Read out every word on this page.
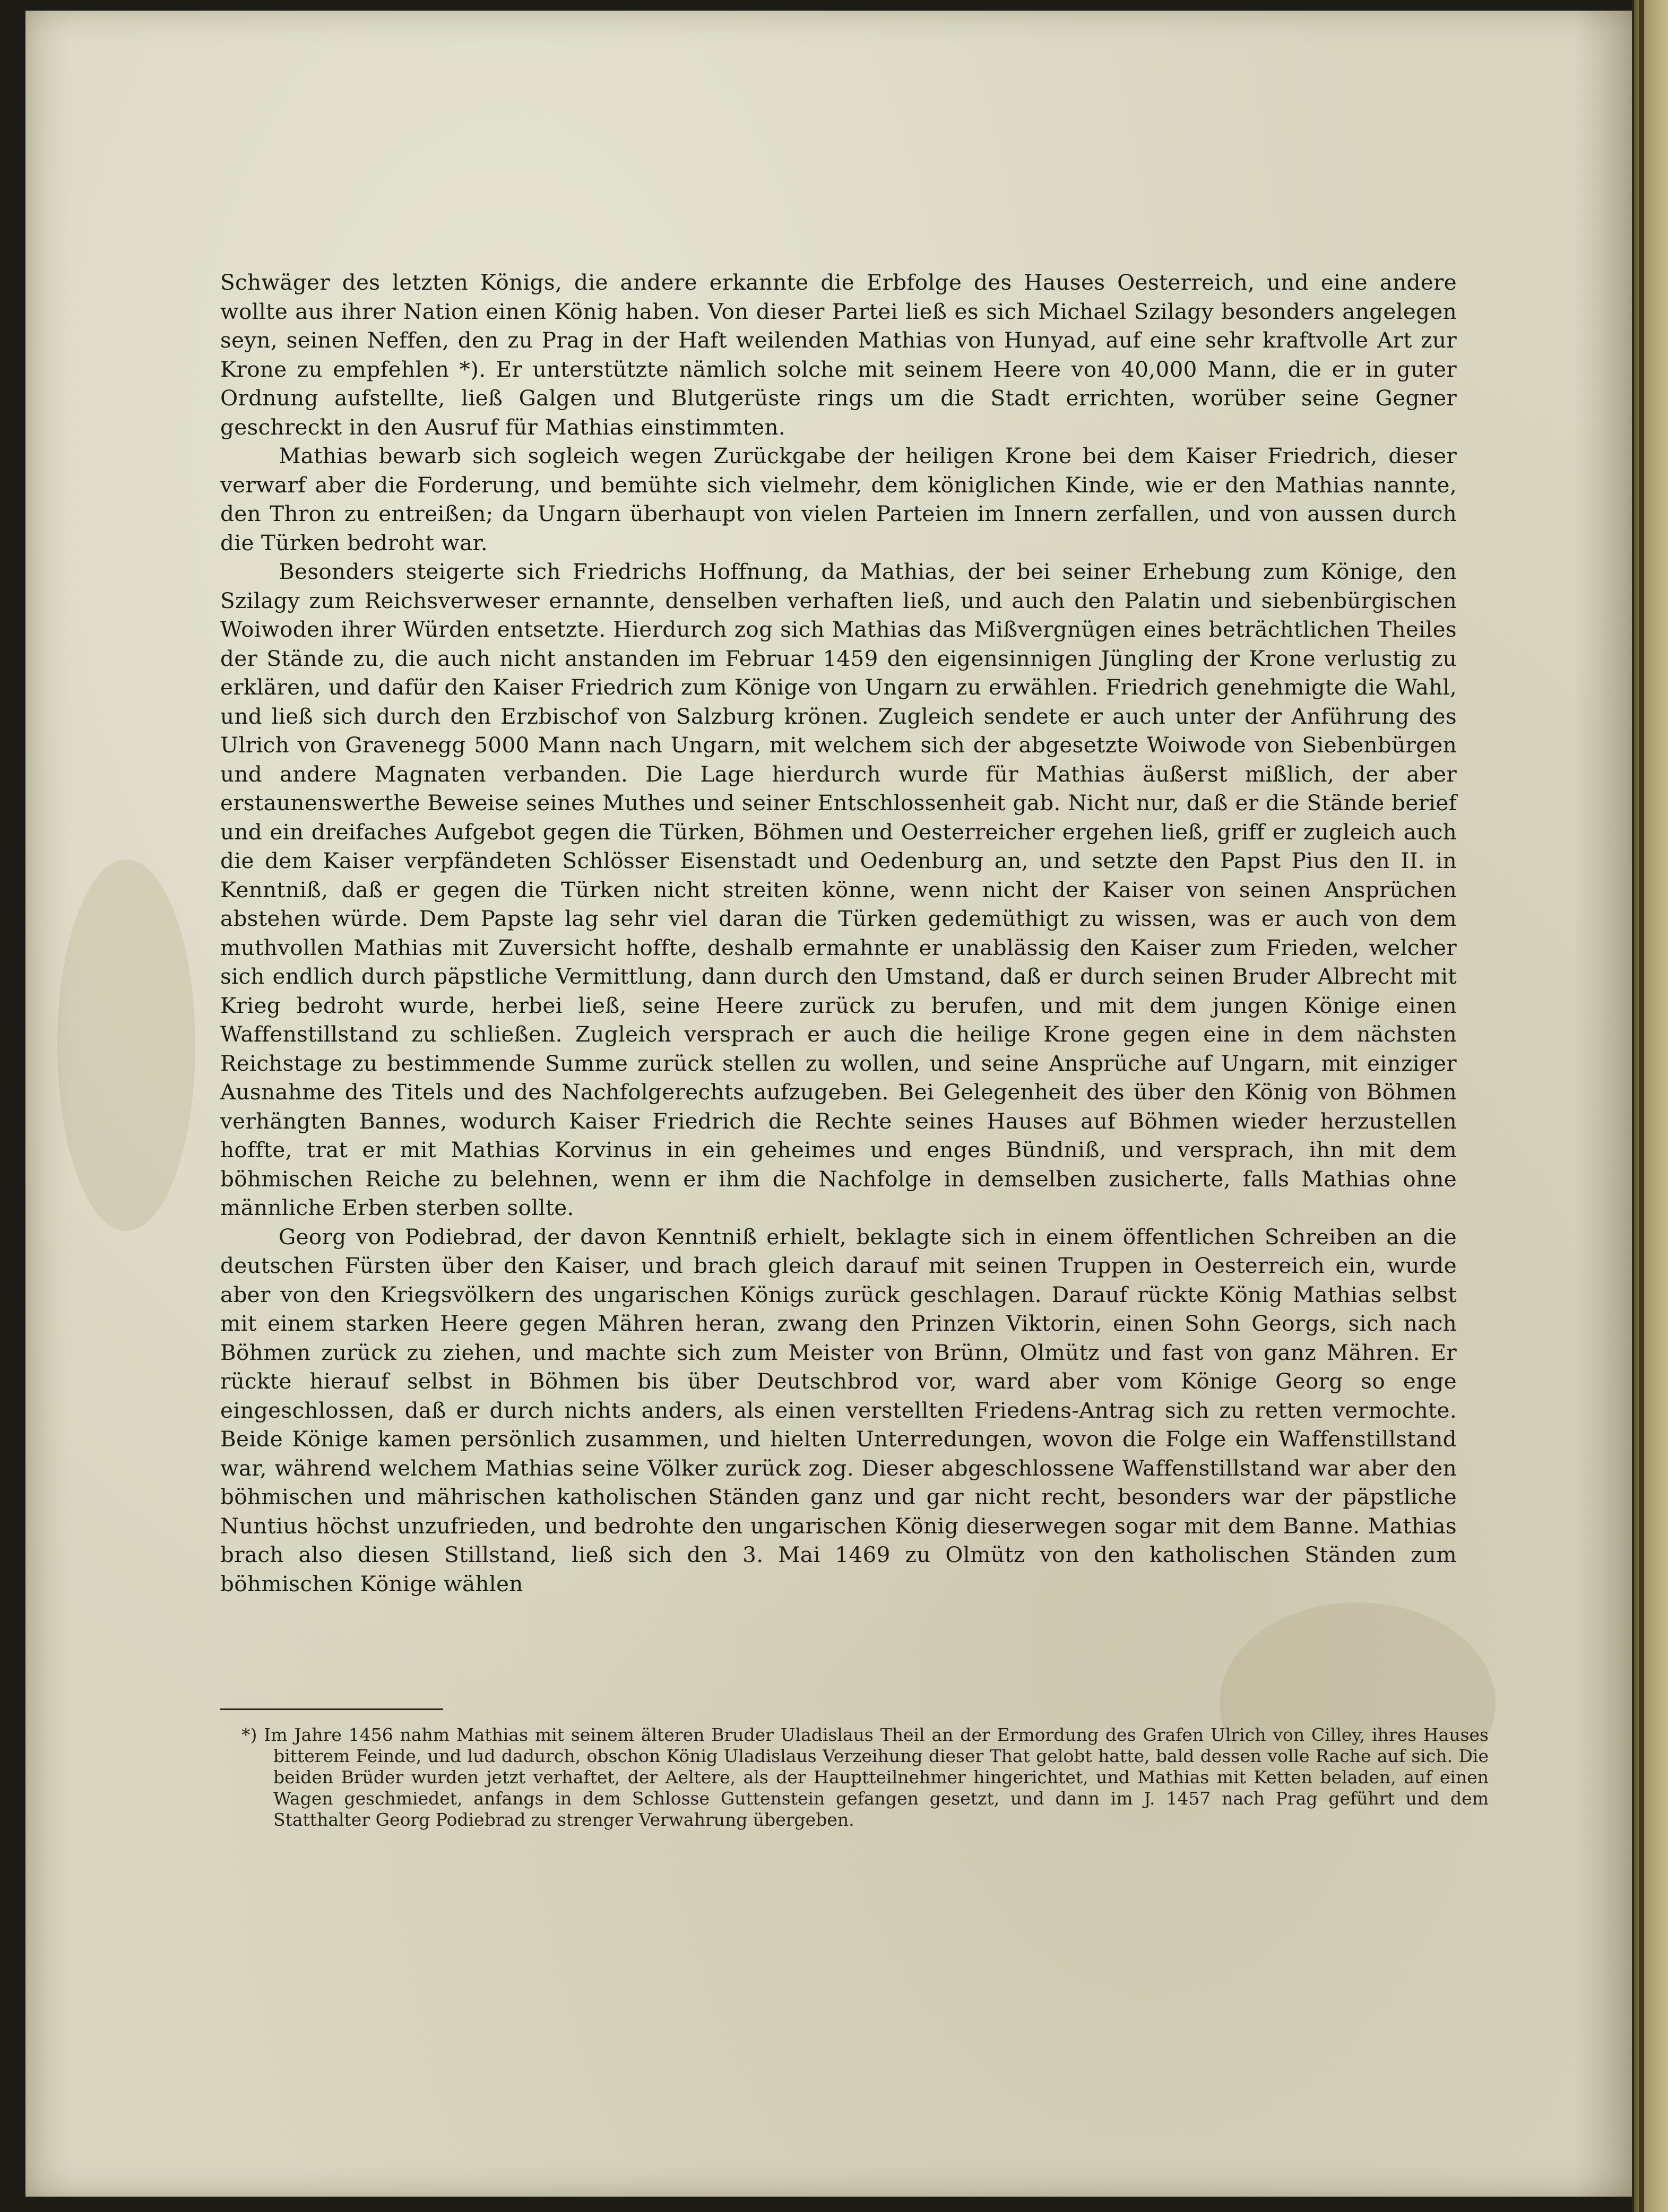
Schwäger des letzten Königs, die andere erkannte die Erbfolge des Hauses Oesterreich, und eine andere wollte aus ihrer Nation einen König haben. Von dieser Partei ließ es sich Michael Szilagy besonders angelegen seyn, seinen Neffen, den zu Prag in der Haft weilenden Mathias von Hunyad, auf eine sehr kraftvolle Art zur Krone zu empfehlen *). Er unterstützte nämlich solche mit seinem Heere von 40,000 Mann, die er in guter Ordnung aufstellte, ließ Galgen und Blutgerüste rings um die Stadt errichten, worüber seine Gegner geschreckt in den Ausruf für Mathias einstimmten.

Mathias bewarb sich sogleich wegen Zurückgabe der heiligen Krone bei dem Kaiser Friedrich, dieser verwarf aber die Forderung, und bemühte sich vielmehr, dem königlichen Kinde, wie er den Mathias nannte, den Thron zu entreißen; da Ungarn überhaupt von vielen Parteien im Innern zerfallen, und von aussen durch die Türken bedroht war.

Besonders steigerte sich Friedrichs Hoffnung, da Mathias, der bei seiner Erhebung zum Könige, den Szilagy zum Reichsverweser ernannte, denselben verhaften ließ, und auch den Palatin und siebenbürgischen Woiwoden ihrer Würden entsetzte. Hierdurch zog sich Mathias das Mißvergnügen eines beträchtlichen Theiles der Stände zu, die auch nicht anstanden im Februar 1459 den eigensinnigen Jüngling der Krone verlustig zu erklären, und dafür den Kaiser Friedrich zum Könige von Ungarn zu erwählen. Friedrich genehmigte die Wahl, und ließ sich durch den Erzbischof von Salzburg krönen. Zugleich sendete er auch unter der Anführung des Ulrich von Gravenegg 5000 Mann nach Ungarn, mit welchem sich der abgesetzte Woiwode von Siebenbürgen und andere Magnaten verbanden. Die Lage hierdurch wurde für Mathias äußerst mißlich, der aber erstaunenswerthe Beweise seines Muthes und seiner Entschlossenheit gab. Nicht nur, daß er die Stände berief und ein dreifaches Aufgebot gegen die Türken, Böhmen und Oesterreicher ergehen ließ, griff er zugleich auch die dem Kaiser verpfändeten Schlösser Eisenstadt und Oedenburg an, und setzte den Papst Pius den II. in Kenntniß, daß er gegen die Türken nicht streiten könne, wenn nicht der Kaiser von seinen Ansprüchen abstehen würde. Dem Papste lag sehr viel daran die Türken gedemüthigt zu wissen, was er auch von dem muthvollen Mathias mit Zuversicht hoffte, deshalb ermahnte er unablässig den Kaiser zum Frieden, welcher sich endlich durch päpstliche Vermittlung, dann durch den Umstand, daß er durch seinen Bruder Albrecht mit Krieg bedroht wurde, herbei ließ, seine Heere zurück zu berufen, und mit dem jungen Könige einen Waffenstillstand zu schließen. Zugleich versprach er auch die heilige Krone gegen eine in dem nächsten Reichstage zu bestimmende Summe zurück stellen zu wollen, und seine Ansprüche auf Ungarn, mit einziger Ausnahme des Titels und des Nachfolgerechts aufzugeben. Bei Gelegenheit des über den König von Böhmen verhängten Bannes, wodurch Kaiser Friedrich die Rechte seines Hauses auf Böhmen wieder herzustellen hoffte, trat er mit Mathias Korvinus in ein geheimes und enges Bündniß, und versprach, ihn mit dem böhmischen Reiche zu belehnen, wenn er ihm die Nachfolge in demselben zusicherte, falls Mathias ohne männliche Erben sterben sollte.

Georg von Podiebrad, der davon Kenntniß erhielt, beklagte sich in einem öffentlichen Schreiben an die deutschen Fürsten über den Kaiser, und brach gleich darauf mit seinen Truppen in Oesterreich ein, wurde aber von den Kriegsvölkern des ungarischen Königs zurück geschlagen. Darauf rückte König Mathias selbst mit einem starken Heere gegen Mähren heran, zwang den Prinzen Viktorin, einen Sohn Georgs, sich nach Böhmen zurück zu ziehen, und machte sich zum Meister von Brünn, Olmütz und fast von ganz Mähren. Er rückte hierauf selbst in Böhmen bis über Deutschbrod vor, ward aber vom Könige Georg so enge eingeschlossen, daß er durch nichts anders, als einen verstellten Friedens-Antrag sich zu retten vermochte. Beide Könige kamen persönlich zusammen, und hielten Unterredungen, wovon die Folge ein Waffenstillstand war, während welchem Mathias seine Völker zurück zog. Dieser abgeschlossene Waffenstillstand war aber den böhmischen und mährischen katholischen Ständen ganz und gar nicht recht, besonders war der päpstliche Nuntius höchst unzufrieden, und bedrohte den ungarischen König dieserwegen sogar mit dem Banne. Mathias brach also diesen Stillstand, ließ sich den 3. Mai 1469 zu Olmütz von den katholischen Ständen zum böhmischen Könige wählen

*) Im Jahre 1456 nahm Mathias mit seinem älteren Bruder Uladislaus Theil an der Ermordung des Grafen Ulrich von Cilley, ihres Hauses bitterem Feinde, und lud dadurch, obschon König Uladislaus Verzeihung dieser That gelobt hatte, bald dessen volle Rache auf sich. Die beiden Brüder wurden jetzt verhaftet, der Aeltere, als der Hauptteilnehmer hingerichtet, und Mathias mit Ketten beladen, auf einen Wagen geschmiedet, anfangs in dem Schlosse Guttenstein gefangen gesetzt, und dann im J. 1457 nach Prag geführt und dem Statthalter Georg Podiebrad zu strenger Verwahrung übergeben.
